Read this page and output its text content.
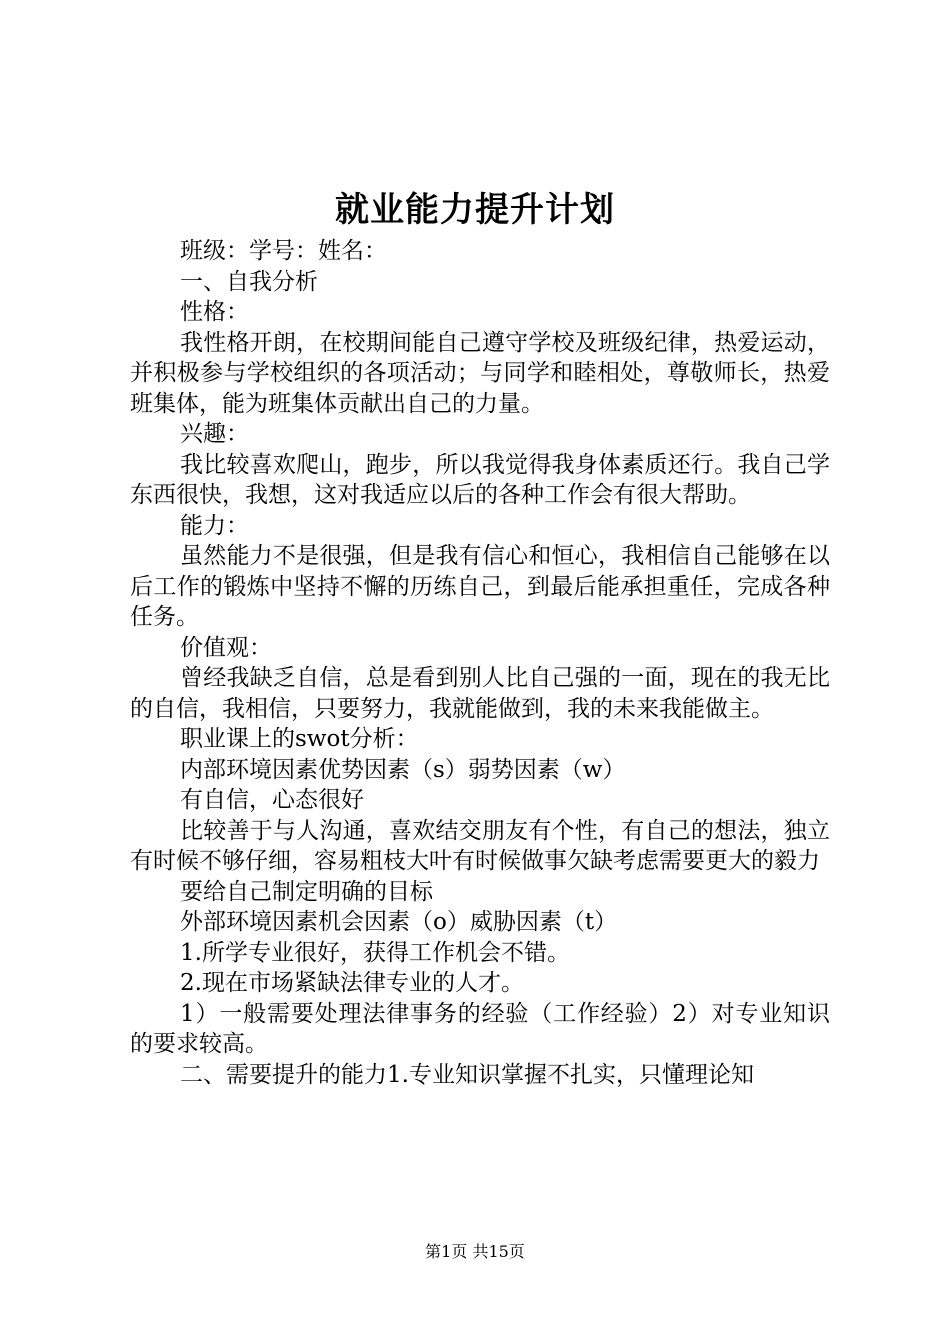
就业能力提升计划

班级：学号：姓名：

一、自我分析

性格：

我性格开朗，在校期间能自己遵守学校及班级纪律，热爱运动，并积极参与学校组织的各项活动；与同学和睦相处，尊敬师长，热爱班集体，能为班集体贡献出自己的力量。

兴趣：

我比较喜欢爬山，跑步，所以我觉得我身体素质还行。我自己学东西很快，我想，这对我适应以后的各种工作会有很大帮助。

能力：

虽然能力不是很强，但是我有信心和恒心，我相信自己能够在以后工作的锻炼中坚持不懈的历练自己，到最后能承担重任，完成各种任务。

价值观：

曾经我缺乏自信，总是看到别人比自己强的一面，现在的我无比的自信，我相信，只要努力，我就能做到，我的未来我能做主。

职业课上的swot分析：

内部环境因素优势因素（s）弱势因素（w）

有自信，心态很好

比较善于与人沟通，喜欢结交朋友有个性，有自己的想法，独立有时候不够仔细，容易粗枝大叶有时候做事欠缺考虑需要更大的毅力

要给自己制定明确的目标

外部环境因素机会因素（o）威胁因素（t）

1.所学专业很好，获得工作机会不错。

2.现在市场紧缺法律专业的人才。

1）一般需要处理法律事务的经验（工作经验）2）对专业知识的要求较高。

二、需要提升的能力1.专业知识掌握不扎实，只懂理论知

第1页 共15页
